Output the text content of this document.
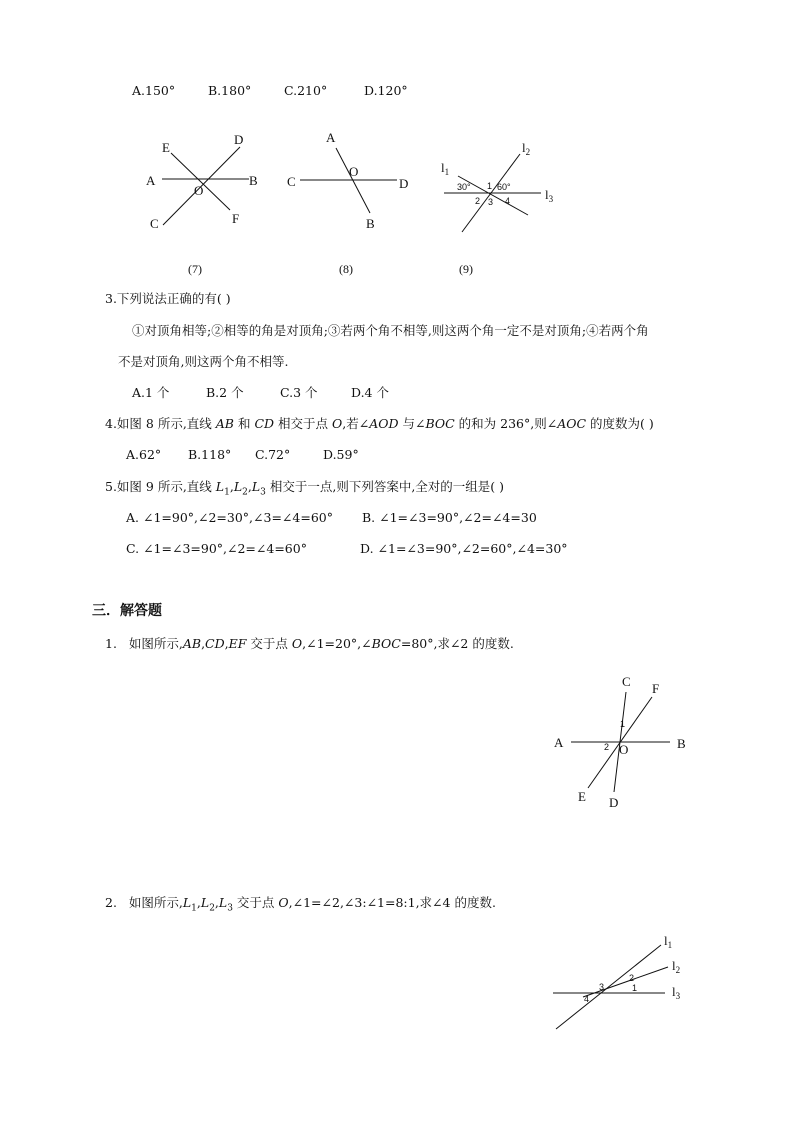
A.150°	B.180°	C.210°	D.120°
A	B
C
D
E
F
O
(7)
A
B
C	D
O
(8)
$l_1$
$l_2$
$l_3$
30° 1 60°
2 3 4
(9)
A	B
C
D
E
F
O
1
2
$l_1$
$l_2$
$l_3$
1
2
3
4
3.下列说法正确的有( )
①对顶角相等;②相等的角是对顶角;③若两个角不相等,则这两个角一定不是对顶角;④若两个角
不是对顶角,则这两个角不相等.
A.1 个	B.2 个	C.3 个	D.4 个
4.如图 8 所示,直线 AB 和 CD 相交于点 O,若∠AOD 与∠BOC 的和为 236°,则∠AOC 的度数为( )
A.62° B.118° C.72°	D.59°
5.如图 9 所示,直线 $L_1,L_2,L_3$ 相交于一点,则下列答案中,全对的一组是( )
A. ∠1=90°,∠2=30°,∠3=∠4=60° B. ∠1=∠3=90°,∠2=∠4=30
C. ∠1=∠3=90°,∠2=∠4=60°	D. ∠1=∠3=90°,∠2=60°,∠4=30°
三．解答题
1. 如图所示,AB,CD,EF 交于点 O,∠1=20°,∠BOC=80°,求∠2 的度数.
2. 如图所示$,L_1,L_2,L_3$ 交于点 O,∠1=∠2,∠3:∠1=8:1,求∠4 的度数.
